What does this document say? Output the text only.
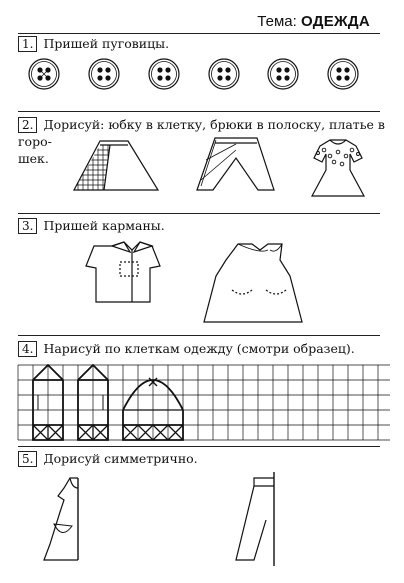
Тема: ОДЕЖДА
1. Пришей пуговицы.
2. Дорисуй: юбку в клетку, брюки в полоску, платье в горо-
шек.
3. Пришей карманы.
4. Нарисуй по клеткам одежду (смотри образец).
5. Дорисуй симметрично.
